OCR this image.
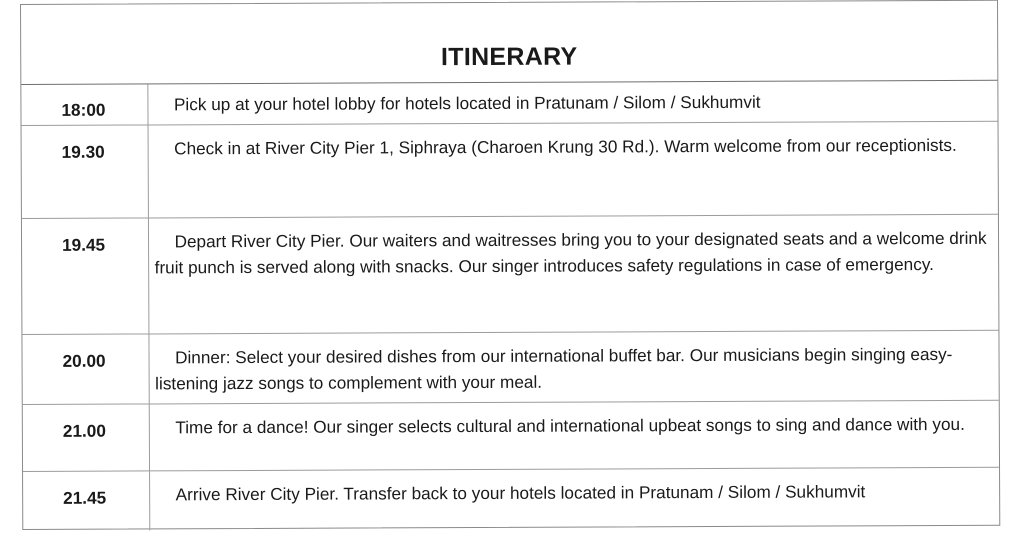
ITINERARY
18:00	Pick up at your hotel lobby for hotels located in Pratunam / Silom / Sukhumvit

19.30	Check in at River City Pier 1, Siphraya (Charoen Krung 30 Rd.). Warm welcome from our receptionists.

19.45	Depart River City Pier. Our waiters and waitresses bring you to your designated seats and a welcome drink fruit punch is served along with snacks. Our singer introduces safety regulations in case of emergency.

20.00	Dinner: Select your desired dishes from our international buffet bar. Our musicians begin singing easy-listening jazz songs to complement with your meal.

21.00	Time for a dance! Our singer selects cultural and international upbeat songs to sing and dance with you.

21.45	Arrive River City Pier. Transfer back to your hotels located in Pratunam / Silom / Sukhumvit
